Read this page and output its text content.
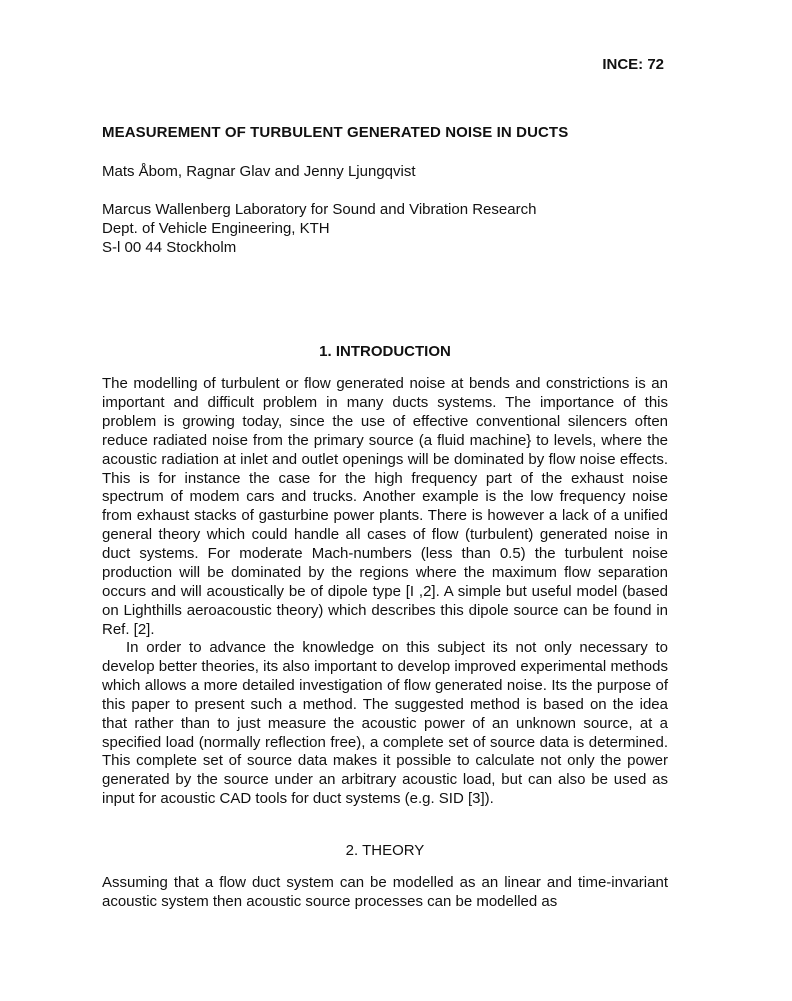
INCE: 72
MEASUREMENT OF TURBULENT GENERATED NOISE IN DUCTS
Mats Åbom, Ragnar Glav and Jenny Ljungqvist
Marcus Wallenberg Laboratory for Sound and Vibration Research
Dept. of Vehicle Engineering, KTH
S-l 00 44 Stockholm
1. INTRODUCTION

The modelling of turbulent or flow generated noise at bends and constrictions is an important and difficult problem in many ducts systems. The importance of this problem is growing today, since the use of effective conventional silencers often reduce radiated noise from the primary source (a fluid machine} to levels, where the acoustic radiation at inlet and outlet openings will be dominated by flow noise effects. This is for instance the case for the high frequency part of the exhaust noise spectrum of modem cars and trucks. Another example is the low frequency noise from exhaust stacks of gasturbine power plants. There is however a lack of a unified general theory which could handle all cases of flow (turbulent) generated noise in duct systems. For moderate Mach-numbers (less than 0.5) the turbulent noise production will be dominated by the regions where the maximum flow separation occurs and will acoustically be of dipole type [I ,2]. A simple but useful model (based on Lighthills aeroacoustic theory) which describes this dipole source can be found in Ref. [2].

In order to advance the knowledge on this subject its not only necessary to develop better theories, its also important to develop improved experimental methods which allows a more detailed investigation of flow generated noise. Its the purpose of this paper to present such a method. The suggested method is based on the idea that rather than to just measure the acoustic power of an unknown source, at a specified load (normally reflection free), a complete set of source data is determined. This complete set of source data makes it possible to calculate not only the power generated by the source under an arbitrary acoustic load, but can also be used as input for acoustic CAD tools for duct systems (e.g. SID [3]).

2. THEORY

Assuming that a flow duct system can be modelled as an linear and time-invariant acoustic system then acoustic source processes can be modelled as
